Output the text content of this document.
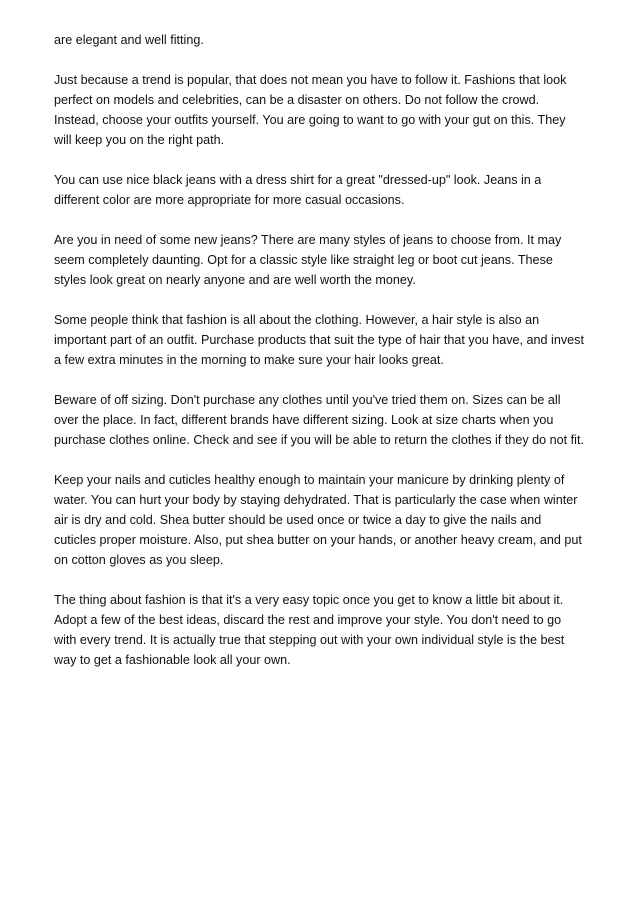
are elegant and well fitting.

Just because a trend is popular, that does not mean you have to follow it. Fashions that look perfect on models and celebrities, can be a disaster on others. Do not follow the crowd. Instead, choose your outfits yourself. You are going to want to go with your gut on this. They will keep you on the right path.

You can use nice black jeans with a dress shirt for a great "dressed-up" look. Jeans in a different color are more appropriate for more casual occasions.

Are you in need of some new jeans? There are many styles of jeans to choose from. It may seem completely daunting. Opt for a classic style like straight leg or boot cut jeans. These styles look great on nearly anyone and are well worth the money.

Some people think that fashion is all about the clothing. However, a hair style is also an important part of an outfit. Purchase products that suit the type of hair that you have, and invest a few extra minutes in the morning to make sure your hair looks great.

Beware of off sizing. Don't purchase any clothes until you've tried them on. Sizes can be all over the place. In fact, different brands have different sizing. Look at size charts when you purchase clothes online. Check and see if you will be able to return the clothes if they do not fit.

Keep your nails and cuticles healthy enough to maintain your manicure by drinking plenty of water. You can hurt your body by staying dehydrated. That is particularly the case when winter air is dry and cold. Shea butter should be used once or twice a day to give the nails and cuticles proper moisture. Also, put shea butter on your hands, or another heavy cream, and put on cotton gloves as you sleep.

The thing about fashion is that it's a very easy topic once you get to know a little bit about it. Adopt a few of the best ideas, discard the rest and improve your style. You don't need to go with every trend. It is actually true that stepping out with your own individual style is the best way to get a fashionable look all your own.
